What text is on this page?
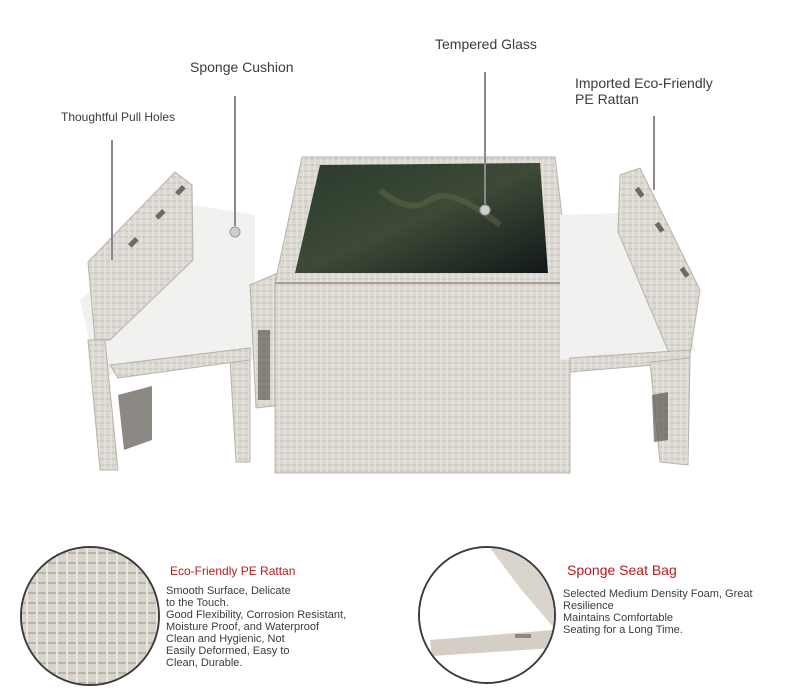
Thoughtful Pull Holes
Sponge Cushion
Tempered Glass
Imported Eco-Friendly
PE Rattan
Eco-Friendly PE Rattan
Smooth Surface, Delicate
to the Touch.
Good Flexibility, Corrosion Resistant,
Moisture Proof, and Waterproof
Clean and Hygienic, Not
Easily Deformed, Easy to
Clean, Durable.
Sponge Seat Bag
Selected Medium Density Foam, Great
Resilience
Maintains Comfortable
Seating for a Long Time.
